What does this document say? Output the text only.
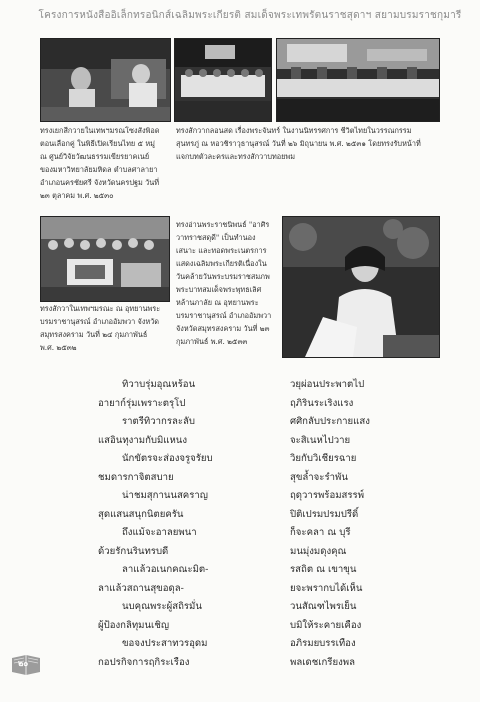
โครงการหนังสืออิเล็กทรอนิกส์เฉลิมพระเกียรติ สมเด็จพระเทพรัตนราชสุดาฯ สยามบรมราชกุมารี
ทรงเยกสีกวายในเทพฯมรณโซงสังพิอด
ตอนเลือกคู่ ในพิธีเปิดเรียนไทย ๕ หมู่
ณ ศูนย์วิจัยวัฒนธรรมเขียรยาคเนย์
ของมหาวิทยาลัยมหิดล ตำบลศาลายา
อำเภอนครชัยศรี จังหวัดนครปฐม วันที่
๒๓ ตุลาคม พ.ศ. ๒๕๓๐
ทรงสักวากลอนสด เรื่องพระจันทร์ ในงานนิทรรศการ ชีวิตไทยในวรรณกรรม
สุนทรภู่ ณ หอวชิราวุธานุสรณ์ วันที่ ๒๖ มิถุนายน พ.ศ. ๒๕๓๑ โดยทรงรับหน้าที่
แจกบทตัวละครและทรงสักวาบทอยพม
ทรงสักวาในเทพฯมรณะ ณ อุทยานพระ
บรมราชานุสรณ์ อำเภออัมพวา จังหวัด
สมุทรสงคราม วันที่ ๒๔ กุมภาพันธ์
พ.ศ. ๒๕๓๒
ทรงอ่านพระราชนิพนธ์ "อาศิร
วาทราชสดุดี" เป็นทำนอง
เสนาะ และทอดพระเนตรการ
แสดงเฉลิมพระเกียรติเนื่องใน
วันคล้ายวันพระบรมราชสมภพ
พระบาทสมเด็จพระพุทธเลิศ
หล้านภาลัย ณ อุทยานพระ
บรมราชานุสรณ์ อำเภออัมพวา
จังหวัดสมุทรสงคราม วันที่ ๒๓
กุมภาพันธ์ พ.ศ. ๒๕๓๓
ทิวาบรุ่มอุณหร้อน
อายาก์รุ่มเพราะตรุโป
ราตรีทิวากรละลับ
แสอินทุงามกับมิแหนง
นักขัตรจะส่องจรูจรัยบ
ชมดารกาจิตสบาย
น่าชมสุกานนสคราญ
สุดแสนสนุกนิตยครัน
ถึงแม้จะอาลยพนา
ด้วยรักนรินทรบดี
ลาแล้วอเนกคณะมิต-
ลาแล้วสถานสุขอดุล-
นบคุณพระผู้สถิรมั่น
ผู้ป้องกลิทุมนเชิญ
ขอจงประสาทวรอุดม
กอปรกิจการฤกิระเรือง
วยุผ่อนประพาตไป
ฤภิรินระเริงแรง
ศศิกลับประกายแสง
จะสิเนหไปวาย
วิยกับวิเชียรฉาย
สุขล้ำจะรำพัน
ฤดุวารพร้อมสรรพ์
ปิติเปรมปรมปรีดิ์
ก็จะคลา ณ บุรี
มนมุ่งมดุงคุณ
รสถิต ณ เขาขุน
ยจะพรากบได้เห็น
วนสัณฑไพรเย็น
บมิให้ระคายเคือง
อภิรมยบรรเทือง
พลเดชเกรียงพล
๒๐
